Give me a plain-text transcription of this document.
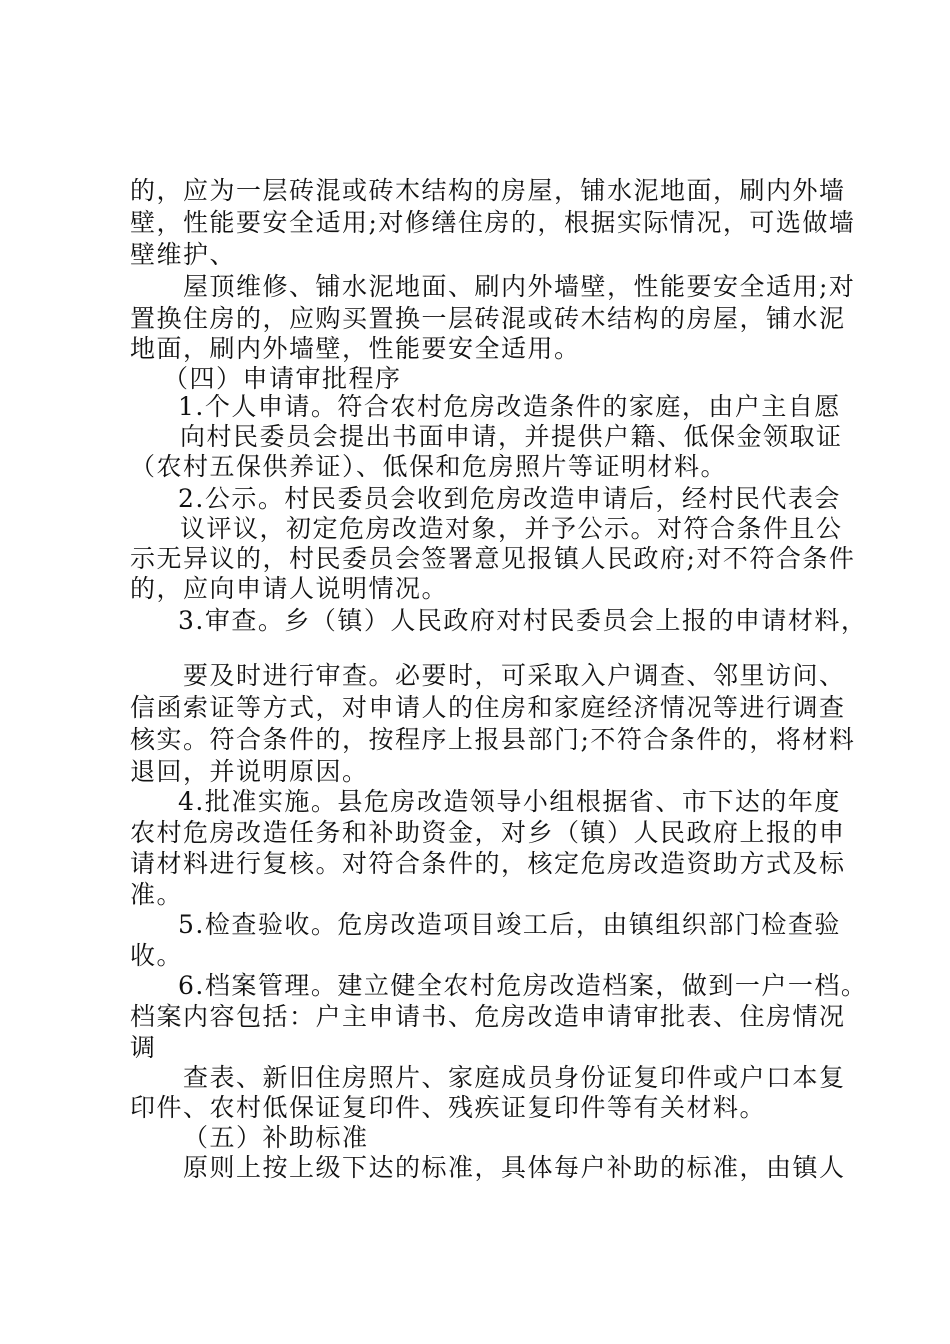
的，应为一层砖混或砖木结构的房屋，铺水泥地面，刷内外墙
壁，性能要安全适用;对修缮住房的，根据实际情况，可选做墙
壁维护、
屋顶维修、铺水泥地面、刷内外墙壁，性能要安全适用;对
置换住房的，应购买置换一层砖混或砖木结构的房屋，铺水泥
地面，刷内外墙壁，性能要安全适用。
（四）申请审批程序
1.个人申请。符合农村危房改造条件的家庭，由户主自愿
向村民委员会提出书面申请，并提供户籍、低保金领取证
（农村五保供养证）、低保和危房照片等证明材料。
2.公示。村民委员会收到危房改造申请后，经村民代表会
议评议，初定危房改造对象，并予公示。对符合条件且公
示无异议的，村民委员会签署意见报镇人民政府;对不符合条件
的，应向申请人说明情况。
3.审查。乡（镇）人民政府对村民委员会上报的申请材料，
要及时进行审查。必要时，可采取入户调查、邻里访问、
信函索证等方式，对申请人的住房和家庭经济情况等进行调查
核实。符合条件的，按程序上报县部门;不符合条件的，将材料
退回，并说明原因。
4.批准实施。县危房改造领导小组根据省、市下达的年度
农村危房改造任务和补助资金，对乡（镇）人民政府上报的申
请材料进行复核。对符合条件的，核定危房改造资助方式及标
准。
5.检查验收。危房改造项目竣工后，由镇组织部门检查验
收。
6.档案管理。建立健全农村危房改造档案，做到一户一档。
档案内容包括：户主申请书、危房改造申请审批表、住房情况
调
查表、新旧住房照片、家庭成员身份证复印件或户口本复
印件、农村低保证复印件、残疾证复印件等有关材料。
（五）补助标准
原则上按上级下达的标准，具体每户补助的标准，由镇人
